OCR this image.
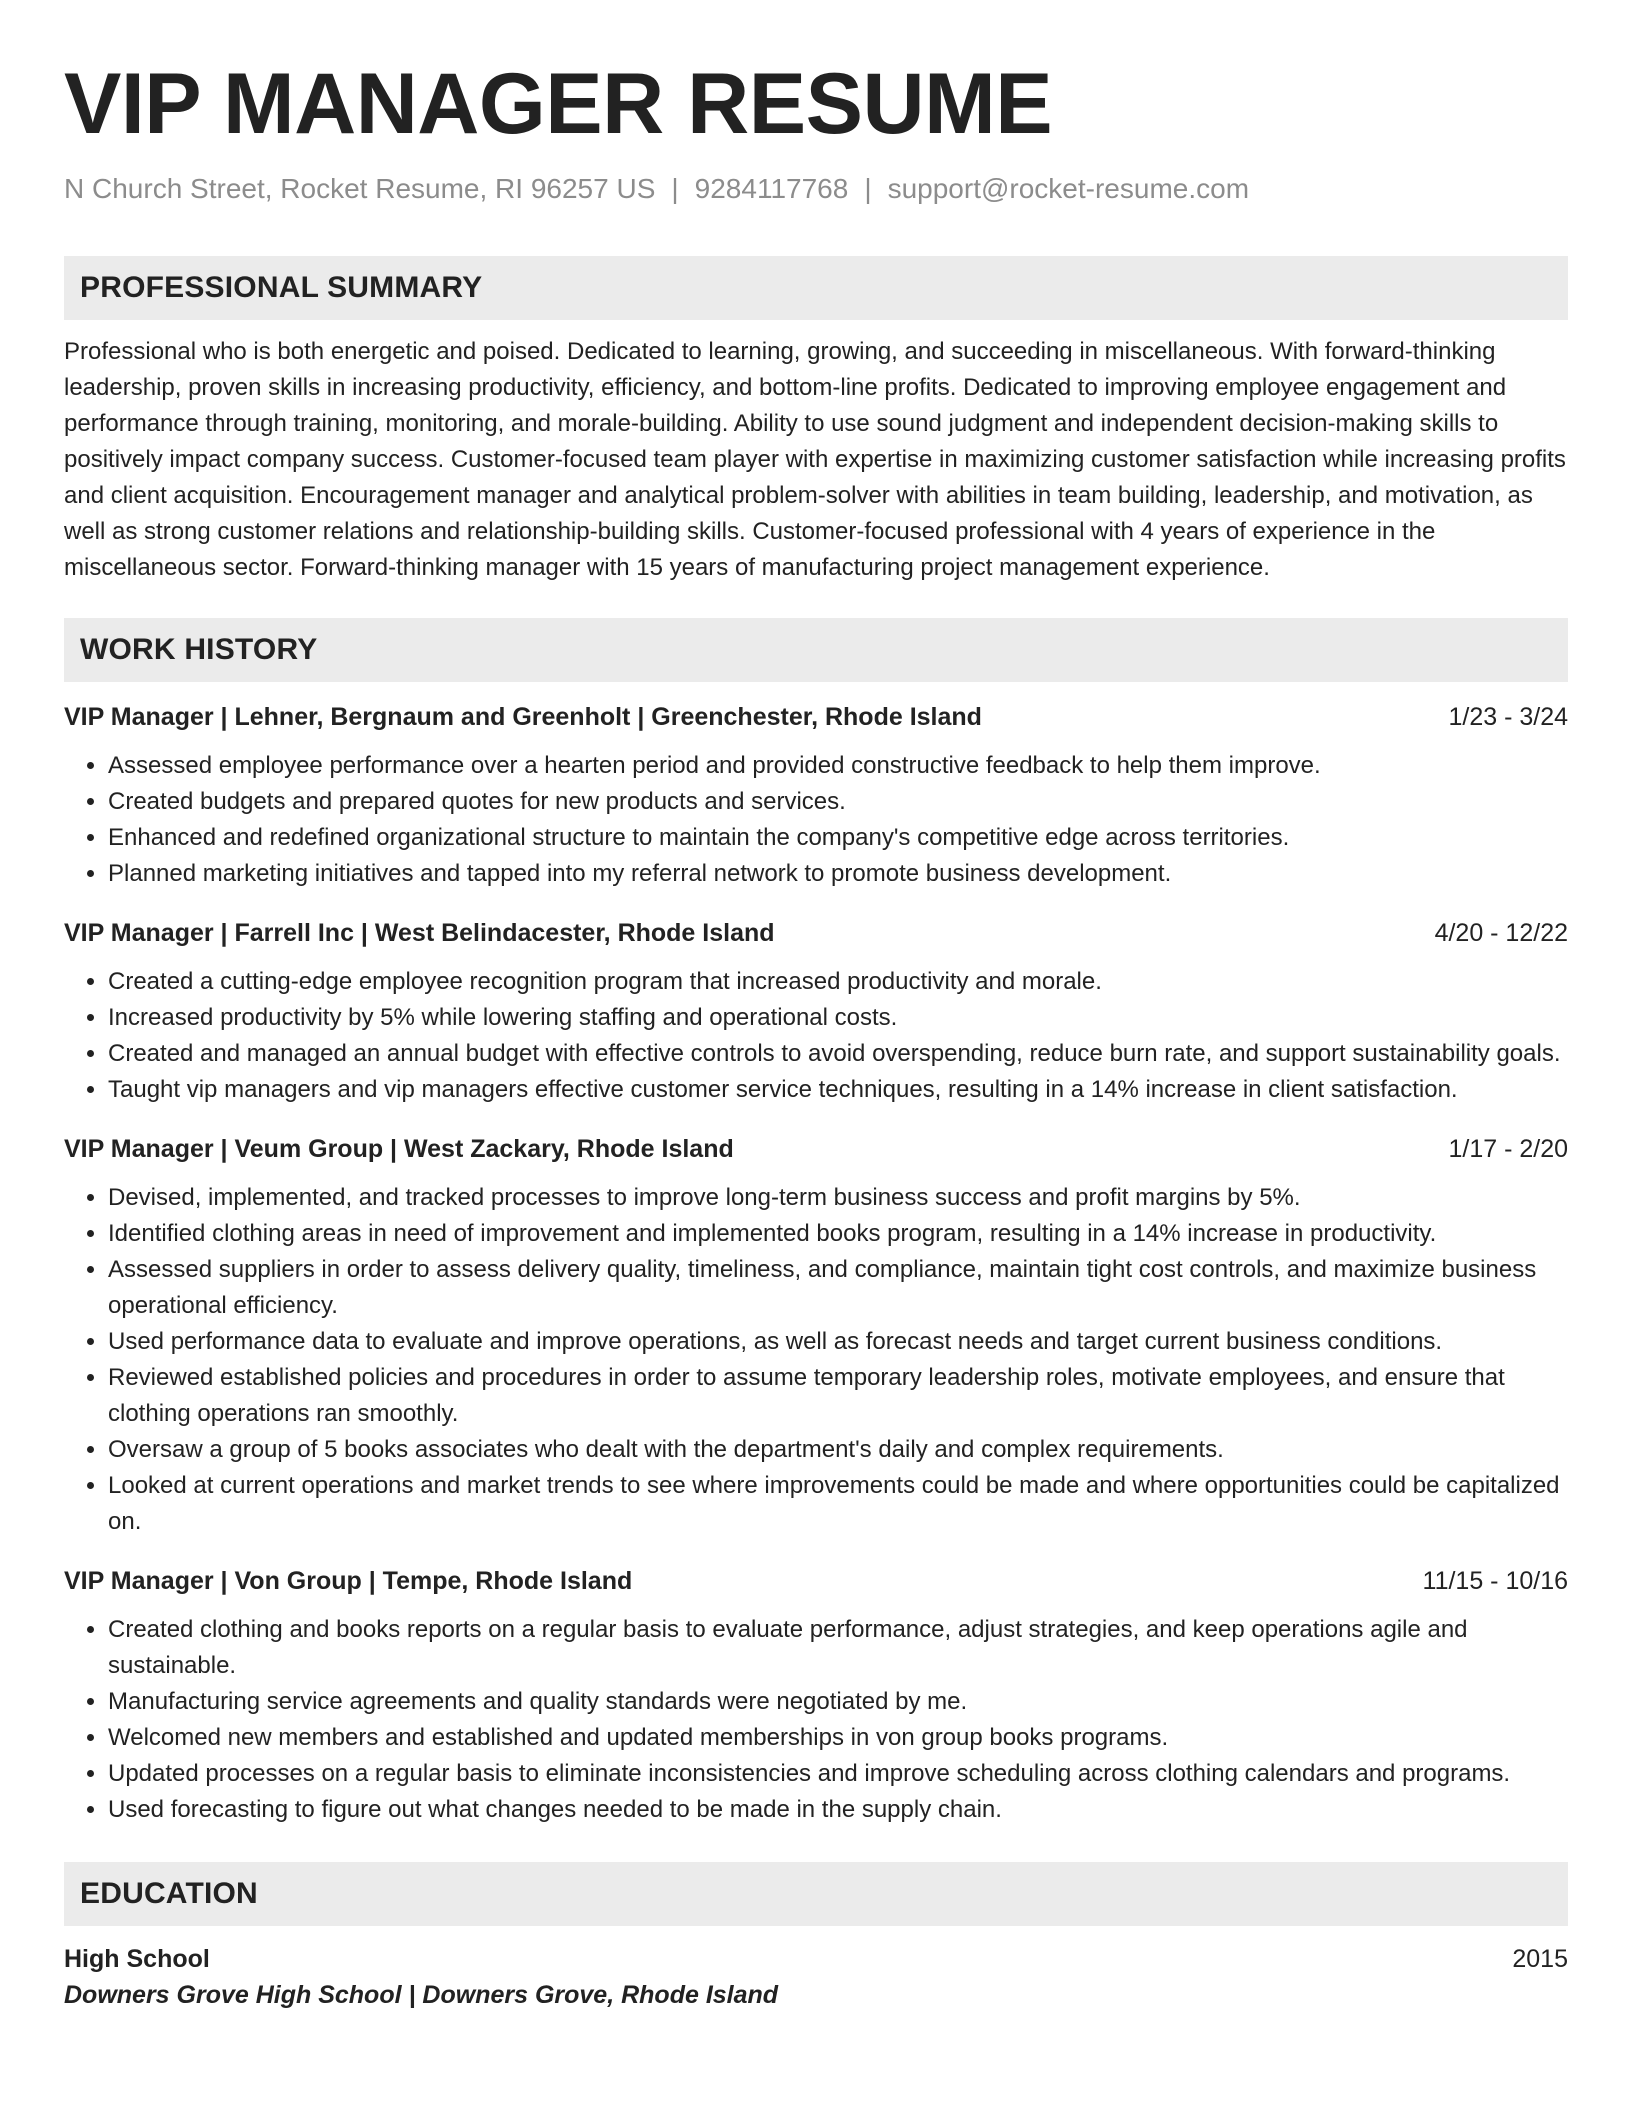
VIP MANAGER RESUME
N Church Street, Rocket Resume, RI 96257 US | 9284117768 | support@rocket-resume.com
PROFESSIONAL SUMMARY

Professional who is both energetic and poised. Dedicated to learning, growing, and succeeding in miscellaneous. With forward-thinking leadership, proven skills in increasing productivity, efficiency, and bottom-line profits. Dedicated to improving employee engagement and performance through training, monitoring, and morale-building. Ability to use sound judgment and independent decision-making skills to positively impact company success. Customer-focused team player with expertise in maximizing customer satisfaction while increasing profits and client acquisition. Encouragement manager and analytical problem-solver with abilities in team building, leadership, and motivation, as well as strong customer relations and relationship-building skills. Customer-focused professional with 4 years of experience in the miscellaneous sector. Forward-thinking manager with 15 years of manufacturing project management experience.

WORK HISTORY
VIP Manager | Lehner, Bergnaum and Greenholt | Greenchester, Rhode Island	1/23 - 3/24
• Assessed employee performance over a hearten period and provided constructive feedback to help them improve.
• Created budgets and prepared quotes for new products and services.
• Enhanced and redefined organizational structure to maintain the company's competitive edge across territories.
• Planned marketing initiatives and tapped into my referral network to promote business development.
VIP Manager | Farrell Inc | West Belindacester, Rhode Island	4/20 - 12/22
• Created a cutting-edge employee recognition program that increased productivity and morale.
• Increased productivity by 5% while lowering staffing and operational costs.
• Created and managed an annual budget with effective controls to avoid overspending, reduce burn rate, and support sustainability goals.
• Taught vip managers and vip managers effective customer service techniques, resulting in a 14% increase in client satisfaction.
VIP Manager | Veum Group | West Zackary, Rhode Island	1/17 - 2/20
• Devised, implemented, and tracked processes to improve long-term business success and profit margins by 5%.
• Identified clothing areas in need of improvement and implemented books program, resulting in a 14% increase in productivity.
• Assessed suppliers in order to assess delivery quality, timeliness, and compliance, maintain tight cost controls, and maximize business operational efficiency.
• Used performance data to evaluate and improve operations, as well as forecast needs and target current business conditions.
• Reviewed established policies and procedures in order to assume temporary leadership roles, motivate employees, and ensure that clothing operations ran smoothly.
• Oversaw a group of 5 books associates who dealt with the department's daily and complex requirements.
• Looked at current operations and market trends to see where improvements could be made and where opportunities could be capitalized on.
VIP Manager | Von Group | Tempe, Rhode Island	11/15 - 10/16
• Created clothing and books reports on a regular basis to evaluate performance, adjust strategies, and keep operations agile and sustainable.
• Manufacturing service agreements and quality standards were negotiated by me.
• Welcomed new members and established and updated memberships in von group books programs.
• Updated processes on a regular basis to eliminate inconsistencies and improve scheduling across clothing calendars and programs.
• Used forecasting to figure out what changes needed to be made in the supply chain.
EDUCATION
High School	2015
Downers Grove High School | Downers Grove, Rhode Island
